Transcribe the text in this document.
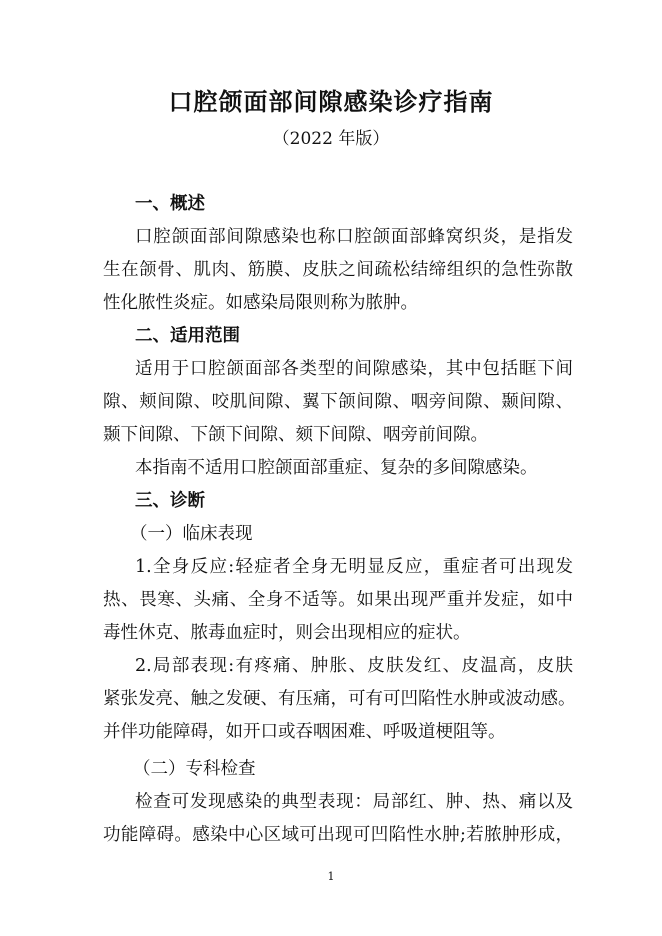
口腔颌面部间隙感染诊疗指南
（2022 年版）
一、概述
口腔颌面部间隙感染也称口腔颌面部蜂窝织炎，是指发
生在颌骨、肌肉、筋膜、皮肤之间疏松结缔组织的急性弥散
性化脓性炎症。如感染局限则称为脓肿。
二、适用范围
适用于口腔颌面部各类型的间隙感染，其中包括眶下间
隙、颊间隙、咬肌间隙、翼下颌间隙、咽旁间隙、颞间隙、
颞下间隙、下颌下间隙、颏下间隙、咽旁前间隙。
本指南不适用口腔颌面部重症、复杂的多间隙感染。
三、诊断
（一）临床表现
1.全身反应:轻症者全身无明显反应，重症者可出现发
热、畏寒、头痛、全身不适等。如果出现严重并发症，如中
毒性休克、脓毒血症时，则会出现相应的症状。
2.局部表现:有疼痛、肿胀、皮肤发红、皮温高，皮肤
紧张发亮、触之发硬、有压痛，可有可凹陷性水肿或波动感。
并伴功能障碍，如开口或吞咽困难、呼吸道梗阻等。
（二）专科检查
检查可发现感染的典型表现：局部红、肿、热、痛以及
功能障碍。感染中心区域可出现可凹陷性水肿;若脓肿形成，
1
